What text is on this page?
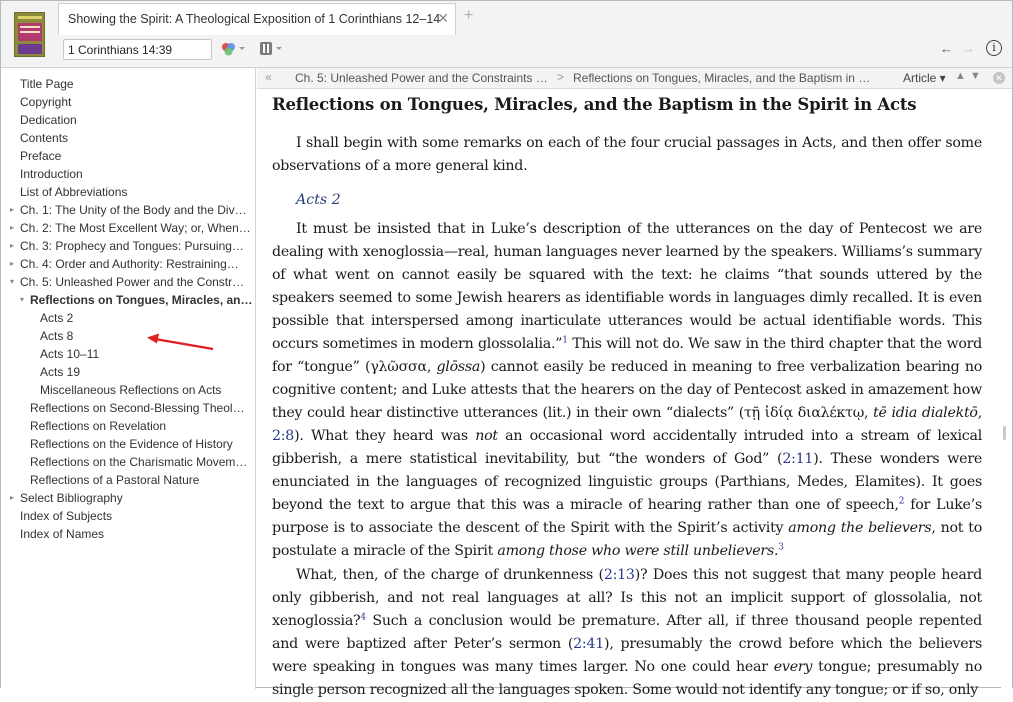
Showing the Spirit: A Theological Exposition of 1 Corinthians 12–14
✕ +
1 Corinthians 14:39
← →	i
Title Page
Copyright
Dedication
Contents
Preface
Introduction
List of Abbreviations
▸ Ch. 1: The Unity of the Body and the Div…
▸ Ch. 2: The Most Excellent Way; or, When…
▸ Ch. 3: Prophecy and Tongues: Pursuing…
▸ Ch. 4: Order and Authority: Restraining…
▾ Ch. 5: Unleashed Power and the Constr…
▾ Reflections on Tongues, Miracles, an…
Acts 2
Acts 8
Acts 10–11
Acts 19
Miscellaneous Reflections on Acts
Reflections on Second-Blessing Theol…
Reflections on Revelation
Reflections on the Evidence of History
Reflections on the Charismatic Movem…
Reflections of a Pastoral Nature
▸ Select Bibliography
Index of Subjects
Index of Names
« Ch. 5: Unleashed Power and the Constraints … > Reflections on Tongues, Miracles, and the Baptism in …	Article ▾ ▲ ▼ ✕
Reflections on Tongues, Miracles, and the Baptism in the Spirit in Acts
I shall begin with some remarks on each of the four crucial passages in Acts, and then offer some observations of a more general kind.
Acts 2
It must be insisted that in Luke’s description of the utterances on the day of Pentecost we are dealing with xenoglossia—real, human languages never learned by the speakers. Williams’s summary of what went on cannot easily be squared with the text: he claims “that sounds uttered by the speakers seemed to some Jewish hearers as identifiable words in languages dimly recalled. It is even possible that interspersed among inarticulate utterances would be actual identifiable words. This occurs sometimes in modern glossolalia.”$^1$ This will not do. We saw in the third chapter that the word for “tongue” (γλῶσσα, glōssa) cannot easily be reduced in meaning to free verbalization bearing no cognitive content; and Luke attests that the hearers on the day of Pentecost asked in amazement how they could hear distinctive utterances (lit.) in their own “dialects” (τῇ ἰδίᾳ διαλέκτῳ, tē idia dialektō, 2:8). What they heard was not an occasional word accidentally intruded into a stream of lexical gibberish, a mere statistical inevitability, but “the wonders of God” (2:11). These wonders were enunciated in the languages of recognized linguistic groups (Parthians, Medes, Elamites). It goes beyond the text to argue that this was a miracle of hearing rather than one of speech,$^2$ for Luke’s purpose is to associate the descent of the Spirit with the Spirit’s activity among the believers, not to postulate a miracle of the Spirit among those who were still unbelievers.$^3$
What, then, of the charge of drunkenness (2:13)? Does this not suggest that many people heard only gibberish, and not real languages at all? Is this not an implicit support of glossolalia, not xenoglossia?$^4$ Such a conclusion would be premature. After all, if three thousand people repented and were baptized after Peter’s sermon (2:41), presumably the crowd before which the believers were speaking in tongues was many times larger. No one could hear every tongue; presumably no single person recognized all the languages spoken. Some would not identify any tongue; or if so, only
